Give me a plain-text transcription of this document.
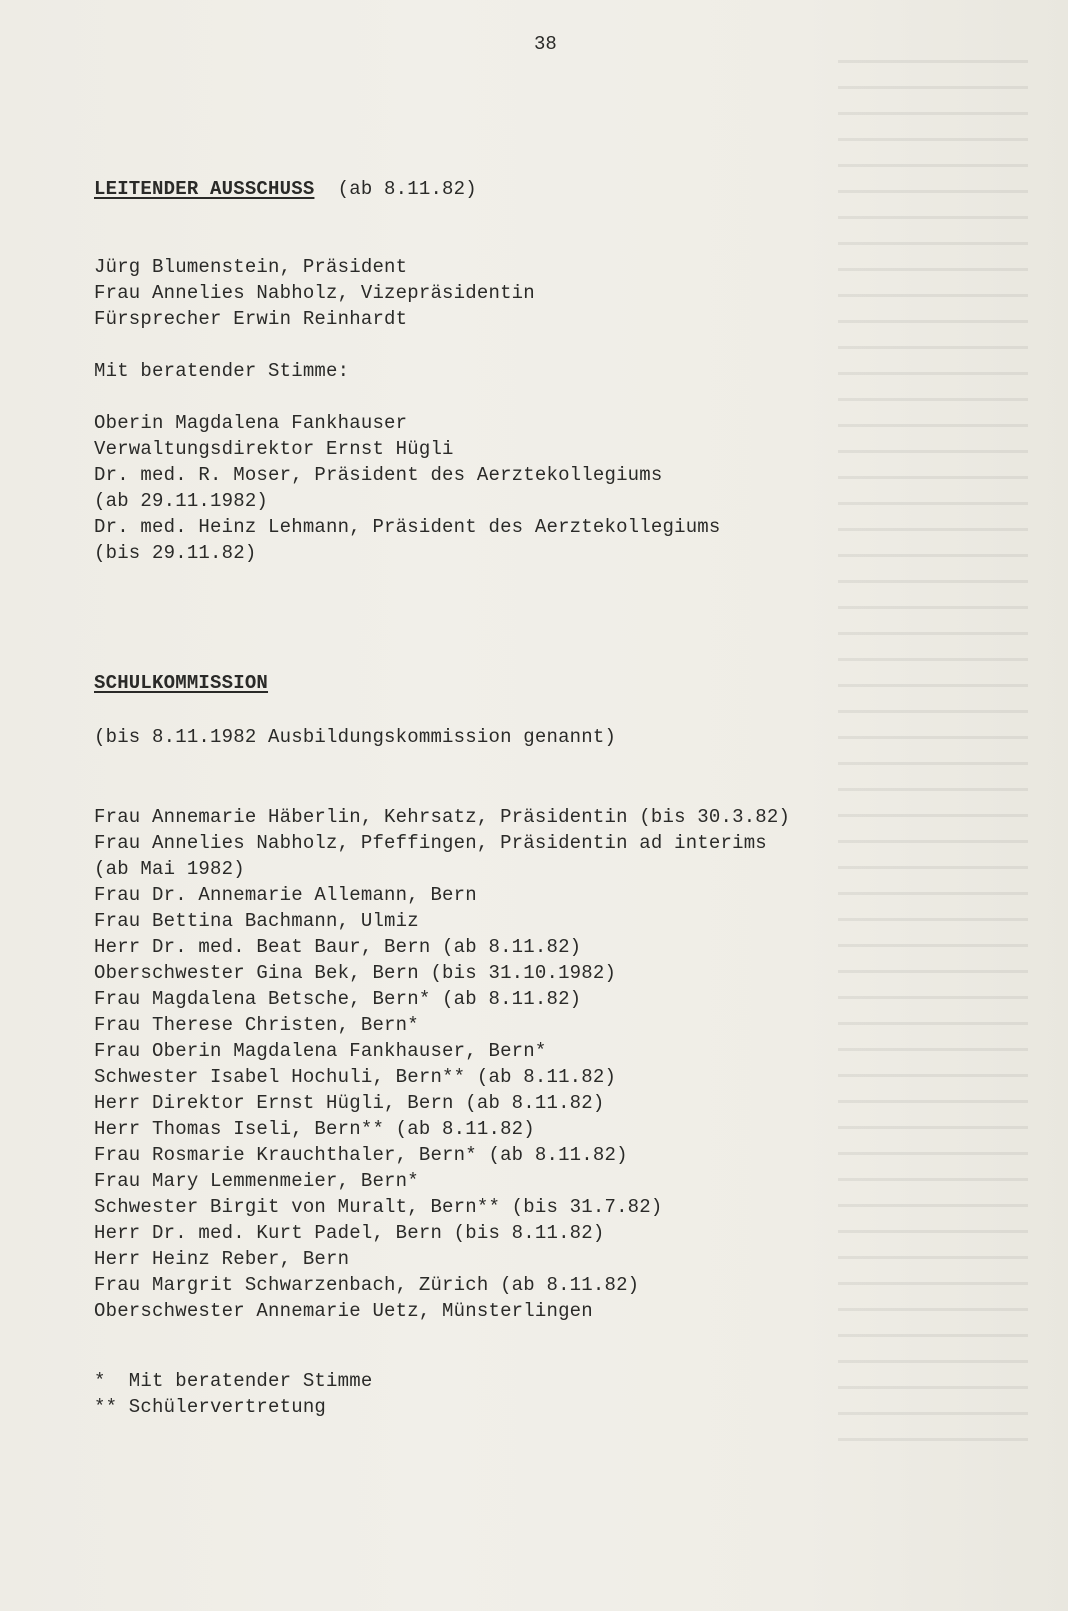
38
LEITENDER AUSSCHUSS  (ab 8.11.82)
Jürg Blumenstein, Präsident
Frau Annelies Nabholz, Vizepräsidentin
Fürsprecher Erwin Reinhardt
Mit beratender Stimme:
Oberin Magdalena Fankhauser
Verwaltungsdirektor Ernst Hügli
Dr. med. R. Moser, Präsident des Aerztekollegiums
(ab 29.11.1982)
Dr. med. Heinz Lehmann, Präsident des Aerztekollegiums
(bis 29.11.82)
SCHULKOMMISSION
(bis 8.11.1982 Ausbildungskommission genannt)
Frau Annemarie Häberlin, Kehrsatz, Präsidentin (bis 30.3.82)
Frau Annelies Nabholz, Pfeffingen, Präsidentin ad interims
(ab Mai 1982)
Frau Dr. Annemarie Allemann, Bern
Frau Bettina Bachmann, Ulmiz
Herr Dr. med. Beat Baur, Bern (ab 8.11.82)
Oberschwester Gina Bek, Bern (bis 31.10.1982)
Frau Magdalena Betsche, Bern* (ab 8.11.82)
Frau Therese Christen, Bern*
Frau Oberin Magdalena Fankhauser, Bern*
Schwester Isabel Hochuli, Bern** (ab 8.11.82)
Herr Direktor Ernst Hügli, Bern (ab 8.11.82)
Herr Thomas Iseli, Bern** (ab 8.11.82)
Frau Rosmarie Krauchthaler, Bern* (ab 8.11.82)
Frau Mary Lemmenmeier, Bern*
Schwester Birgit von Muralt, Bern** (bis 31.7.82)
Herr Dr. med. Kurt Padel, Bern (bis 8.11.82)
Herr Heinz Reber, Bern
Frau Margrit Schwarzenbach, Zürich (ab 8.11.82)
Oberschwester Annemarie Uetz, Münsterlingen
*  Mit beratender Stimme
** Schülervertretung
